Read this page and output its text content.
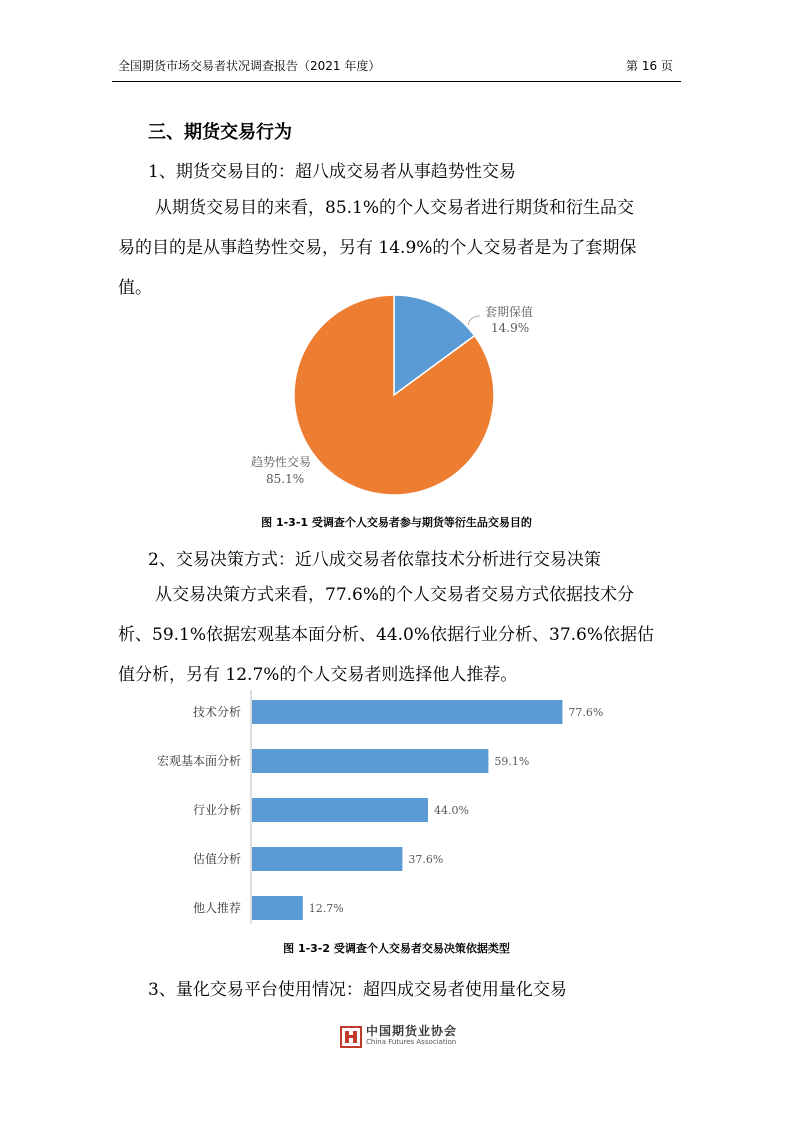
全国期货市场交易者状况调查报告（2021 年度）	第 16 页
三、期货交易行为
1、期货交易目的：超八成交易者从事趋势性交易

从期货交易目的来看，85.1%的个人交易者进行期货和衍生品交

易的目的是从事趋势性交易，另有 14.9%的个人交易者是为了套期保

值。

套期保值
14.9%
趋势性交易
85.1%
图 1-3-1 受调查个人交易者参与期货等衍生品交易目的
2、交易决策方式：近八成交易者依靠技术分析进行交易决策

从交易决策方式来看，77.6%的个人交易者交易方式依据技术分

析、59.1%依据宏观基本面分析、44.0%依据行业分析、37.6%依据估

值分析，另有 12.7%的个人交易者则选择他人推荐。

技术分析	77.6%
宏观基本面分析	59.1%
行业分析	44.0%
估值分析	37.6%
他人推荐	12.7%
图 1-3-2 受调查个人交易者交易决策依据类型
3、量化交易平台使用情况：超四成交易者使用量化交易
中国期货业协会
China Futures Association
